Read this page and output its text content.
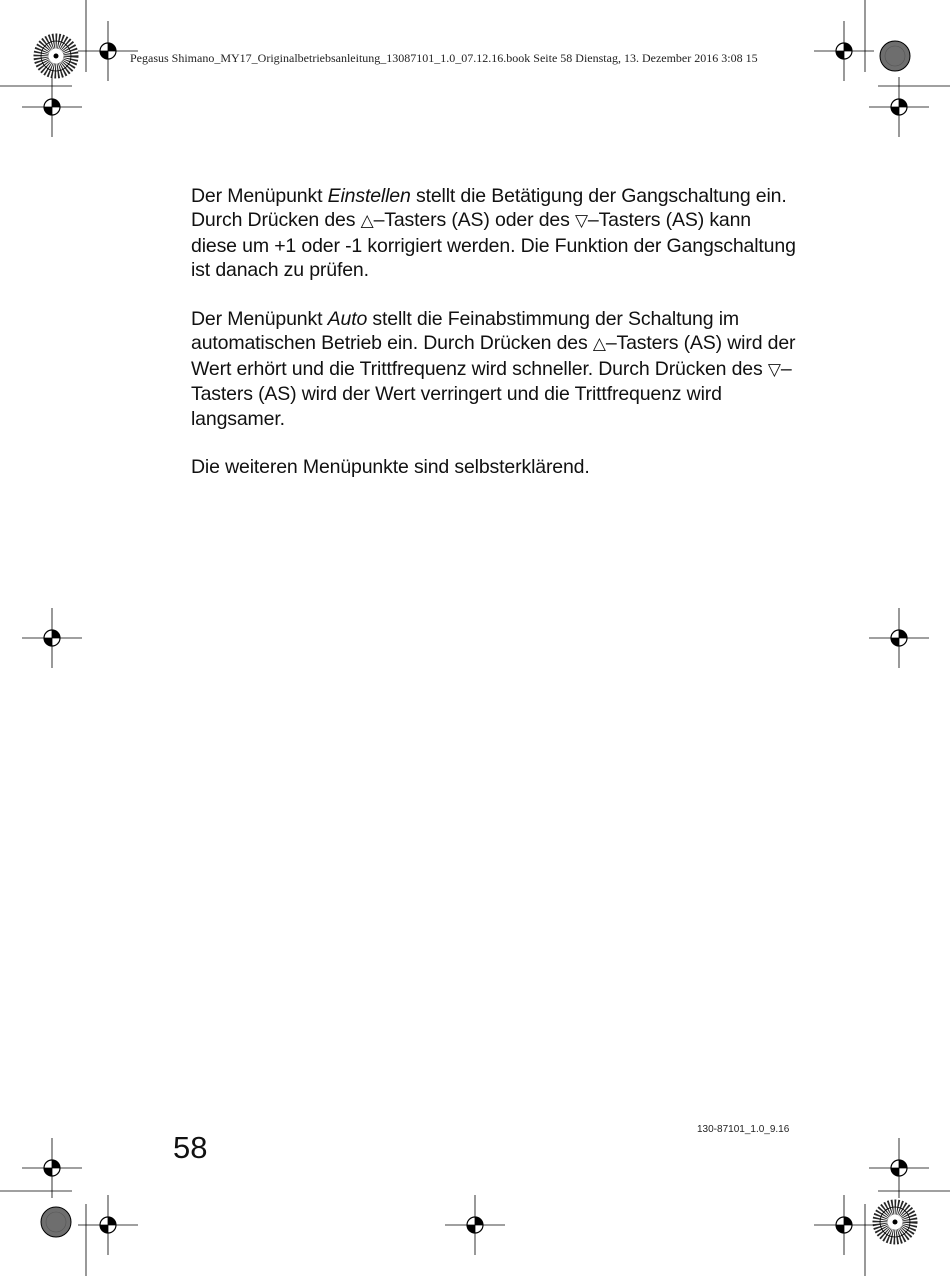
Pegasus Shimano_MY17_Originalbetriebsanleitung_13087101_1.0_07.12.16.book Seite 58 Dienstag, 13. Dezember 2016 3:08 15

Der Menüpunkt Einstellen stellt die Betätigung der Gangschaltung ein. Durch Drücken des △–Tasters (AS) oder des ▽–Tasters (AS) kann diese um +1 oder -1 korrigiert werden. Die Funktion der Gangschaltung ist danach zu prüfen.

Der Menüpunkt Auto stellt die Feinabstimmung der Schaltung im automatischen Betrieb ein. Durch Drücken des △–Tasters (AS) wird der Wert erhört und die Trittfrequenz wird schneller. Durch Drücken des ▽–Tasters (AS) wird der Wert verringert und die Trittfrequenz wird langsamer.

Die weiteren Menüpunkte sind selbsterklärend.

58
130-87101_1.0_9.16
